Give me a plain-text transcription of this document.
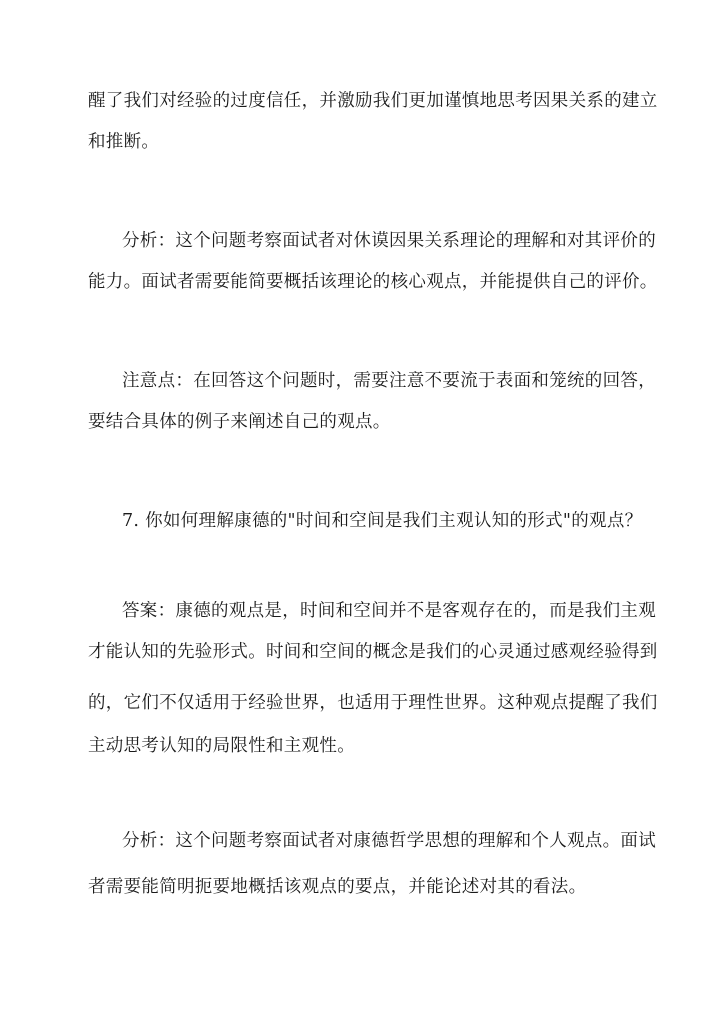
醒了我们对经验的过度信任，并激励我们更加谨慎地思考因果关系的建立
和推断。
分析：这个问题考察面试者对休谟因果关系理论的理解和对其评价的
能力。面试者需要能简要概括该理论的核心观点，并能提供自己的评价。
注意点：在回答这个问题时，需要注意不要流于表面和笼统的回答，
要结合具体的例子来阐述自己的观点。
7. 你如何理解康德的"时间和空间是我们主观认知的形式"的观点？
答案：康德的观点是，时间和空间并不是客观存在的，而是我们主观
才能认知的先验形式。时间和空间的概念是我们的心灵通过感观经验得到
的，它们不仅适用于经验世界，也适用于理性世界。这种观点提醒了我们
主动思考认知的局限性和主观性。
分析：这个问题考察面试者对康德哲学思想的理解和个人观点。面试
者需要能简明扼要地概括该观点的要点，并能论述对其的看法。
